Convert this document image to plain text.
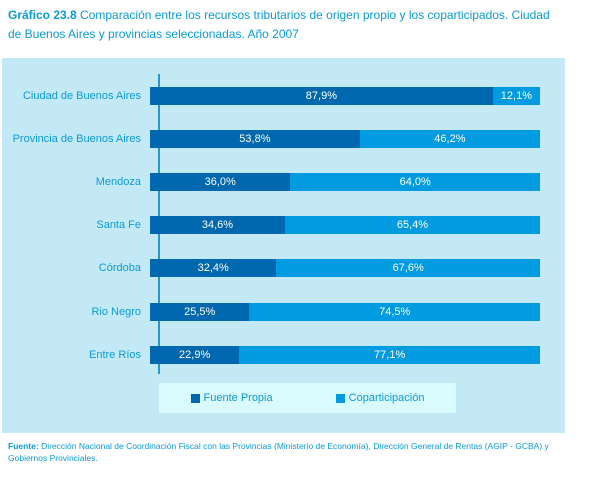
Gráfico 23.8 Comparación entre los recursos tributarios de origen propio y los coparticipados. Ciudad de Buenos Aires y provincias seleccionadas. Año 2007
Ciudad de Buenos Aires	87,9%	12,1%
Provincia de Buenos Aires	53,8%	46,2%
Mendoza	36,0%	64,0%
Santa Fe	34,6%	65,4%
Córdoba	32,4%	67,6%
Rio Negro	25,5%	74,5%
Entre Ríos	22,9%	77,1%
Fuente Propia	Coparticipación
Fuente: Dirección Nacional de Coordinación Fiscal con las Provincias (Ministerio de Economía), Dirección General de Rentas (AGIP - GCBA) y Gobiernos Provinciales.
